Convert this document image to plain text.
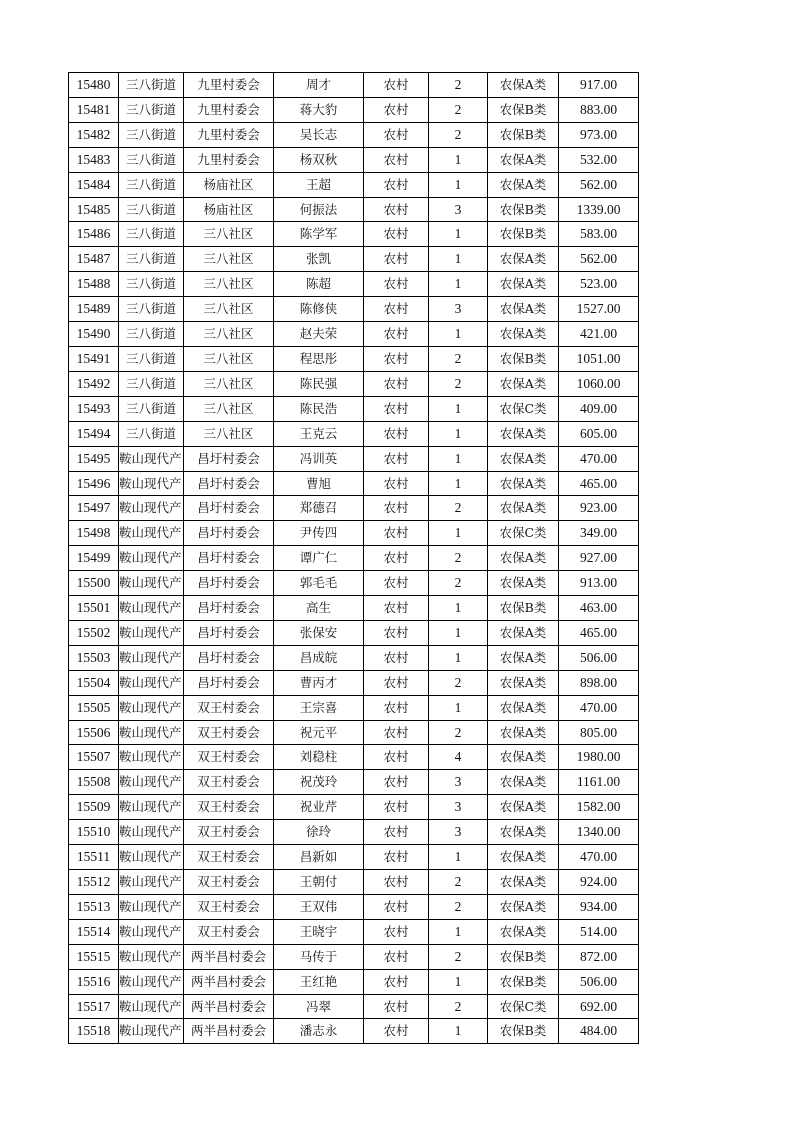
15480	三八街道	九里村委会	周才	农村	2	农保A类	917.00
15481	三八街道	九里村委会	蒋大豹	农村	2	农保B类	883.00
15482	三八街道	九里村委会	吴长志	农村	2	农保B类	973.00
15483	三八街道	九里村委会	杨双秋	农村	1	农保A类	532.00
15484	三八街道	杨庙社区	王超	农村	1	农保A类	562.00
15485	三八街道	杨庙社区	何振法	农村	3	农保B类	1339.00
15486	三八街道	三八社区	陈学军	农村	1	农保B类	583.00
15487	三八街道	三八社区	张凯	农村	1	农保A类	562.00
15488	三八街道	三八社区	陈超	农村	1	农保A类	523.00
15489	三八街道	三八社区	陈修侠	农村	3	农保A类	1527.00
15490	三八街道	三八社区	赵夫荣	农村	1	农保A类	421.00
15491	三八街道	三八社区	程思彤	农村	2	农保B类	1051.00
15492	三八街道	三八社区	陈民强	农村	2	农保A类	1060.00
15493	三八街道	三八社区	陈民浩	农村	1	农保C类	409.00
15494	三八街道	三八社区	王克云	农村	1	农保A类	605.00
15495	鞍山现代产	昌圩村委会	冯训英	农村	1	农保A类	470.00
15496	鞍山现代产	昌圩村委会	曹旭	农村	1	农保A类	465.00
15497	鞍山现代产	昌圩村委会	郑德召	农村	2	农保A类	923.00
15498	鞍山现代产	昌圩村委会	尹传四	农村	1	农保C类	349.00
15499	鞍山现代产	昌圩村委会	谭广仁	农村	2	农保A类	927.00
15500	鞍山现代产	昌圩村委会	郭毛毛	农村	2	农保A类	913.00
15501	鞍山现代产	昌圩村委会	高生	农村	1	农保B类	463.00
15502	鞍山现代产	昌圩村委会	张保安	农村	1	农保A类	465.00
15503	鞍山现代产	昌圩村委会	昌成皖	农村	1	农保A类	506.00
15504	鞍山现代产	昌圩村委会	曹丙才	农村	2	农保A类	898.00
15505	鞍山现代产	双王村委会	王宗喜	农村	1	农保A类	470.00
15506	鞍山现代产	双王村委会	祝元平	农村	2	农保A类	805.00
15507	鞍山现代产	双王村委会	刘稳柱	农村	4	农保A类	1980.00
15508	鞍山现代产	双王村委会	祝茂玲	农村	3	农保A类	1161.00
15509	鞍山现代产	双王村委会	祝业芹	农村	3	农保A类	1582.00
15510	鞍山现代产	双王村委会	徐玲	农村	3	农保A类	1340.00
15511	鞍山现代产	双王村委会	昌新如	农村	1	农保A类	470.00
15512	鞍山现代产	双王村委会	王朝付	农村	2	农保A类	924.00
15513	鞍山现代产	双王村委会	王双伟	农村	2	农保A类	934.00
15514	鞍山现代产	双王村委会	王晓宇	农村	1	农保A类	514.00
15515	鞍山现代产	两半昌村委会	马传于	农村	2	农保B类	872.00
15516	鞍山现代产	两半昌村委会	王红艳	农村	1	农保B类	506.00
15517	鞍山现代产	两半昌村委会	冯翠	农村	2	农保C类	692.00
15518	鞍山现代产	两半昌村委会	潘志永	农村	1	农保B类	484.00
